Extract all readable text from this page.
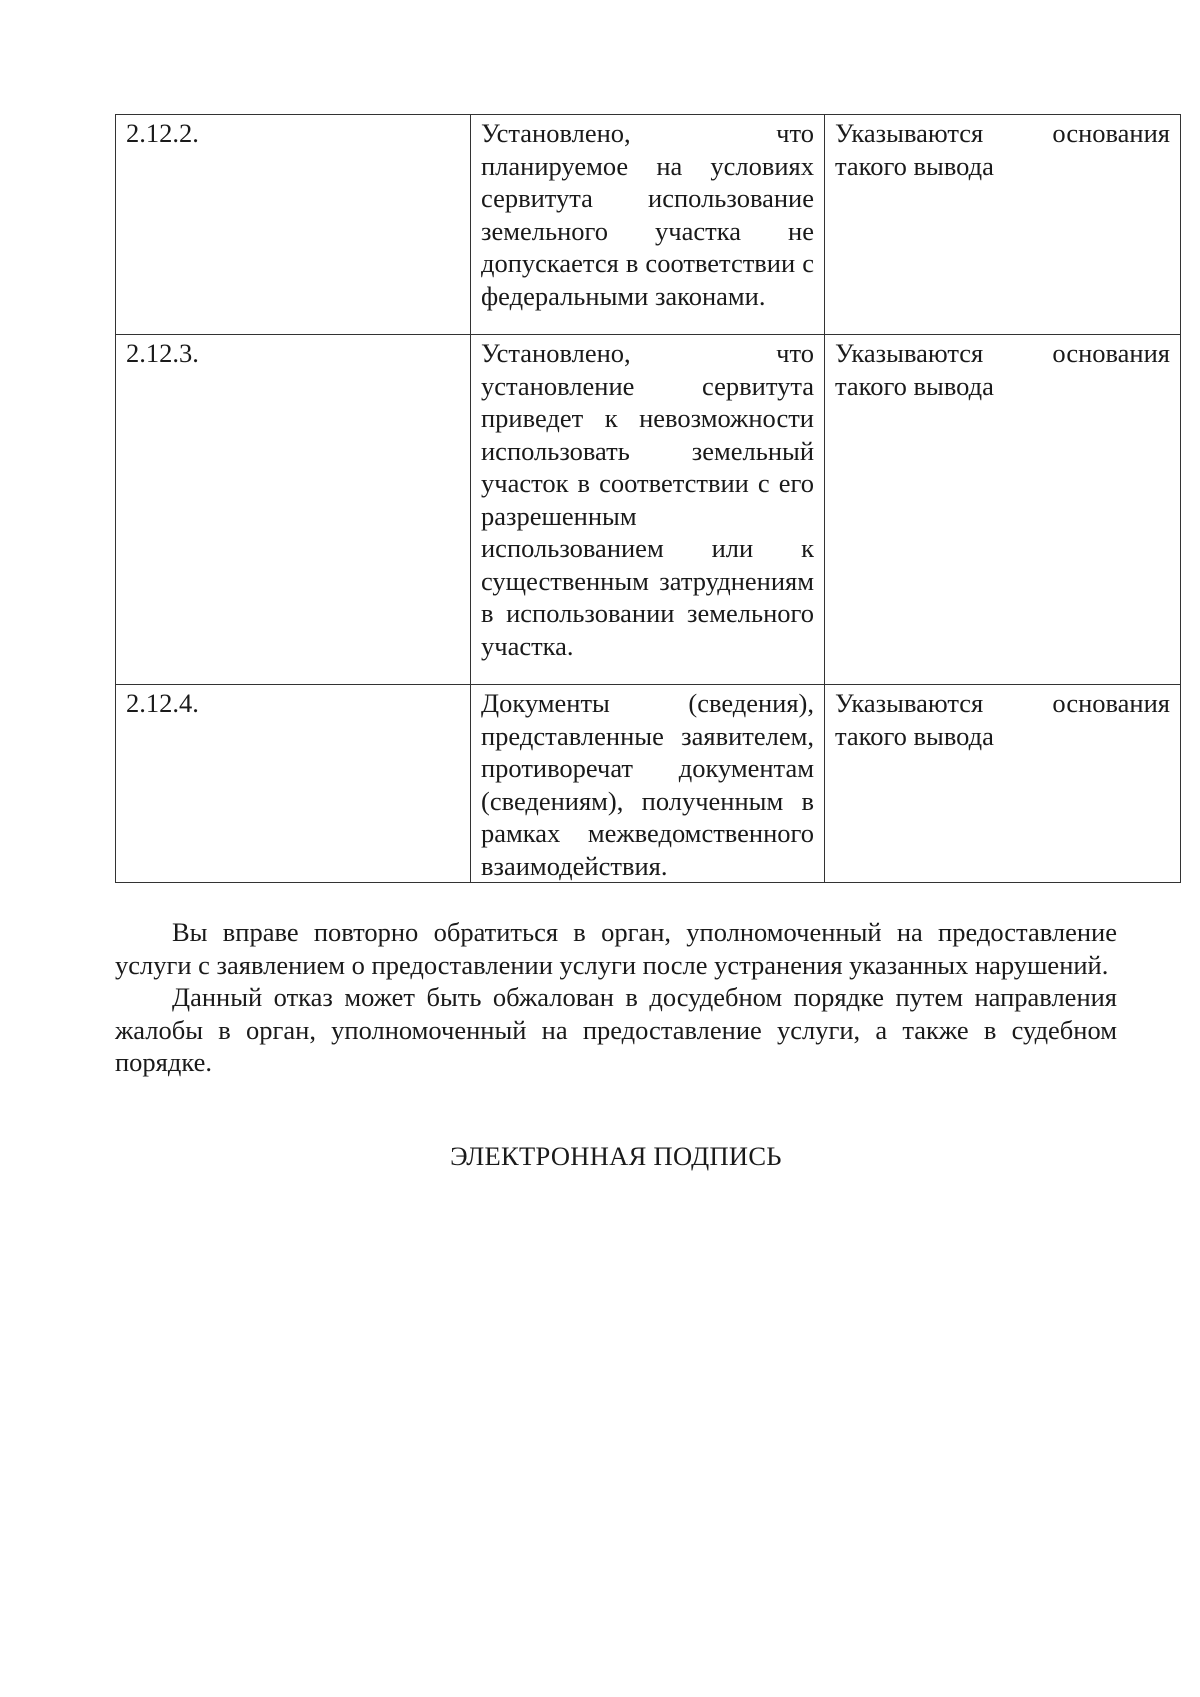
2.12.2.	Установлено, что планируемое на условиях сервитута использование земельного участка не допускается в соответствии с федеральными законами.	Указываются основания такого вывода

2.12.3.	Установлено, что установление сервитута приведет к невозможности использовать земельный участок в соответствии с его разрешенным использованием или к существенным затруднениям в использовании земельного участка.	Указываются основания такого вывода

2.12.4.	Документы (сведения), представленные заявителем, противоречат документам (сведениям), полученным в рамках межведомственного взаимодействия.	Указываются основания такого вывода

Вы вправе повторно обратиться в орган, уполномоченный на предоставление услуги с заявлением о предоставлении услуги после устранения указанных нарушений.

Данный отказ может быть обжалован в досудебном порядке путем направления жалобы в орган, уполномоченный на предоставление услуги, а также в судебном порядке.

ЭЛЕКТРОННАЯ ПОДПИСЬ
